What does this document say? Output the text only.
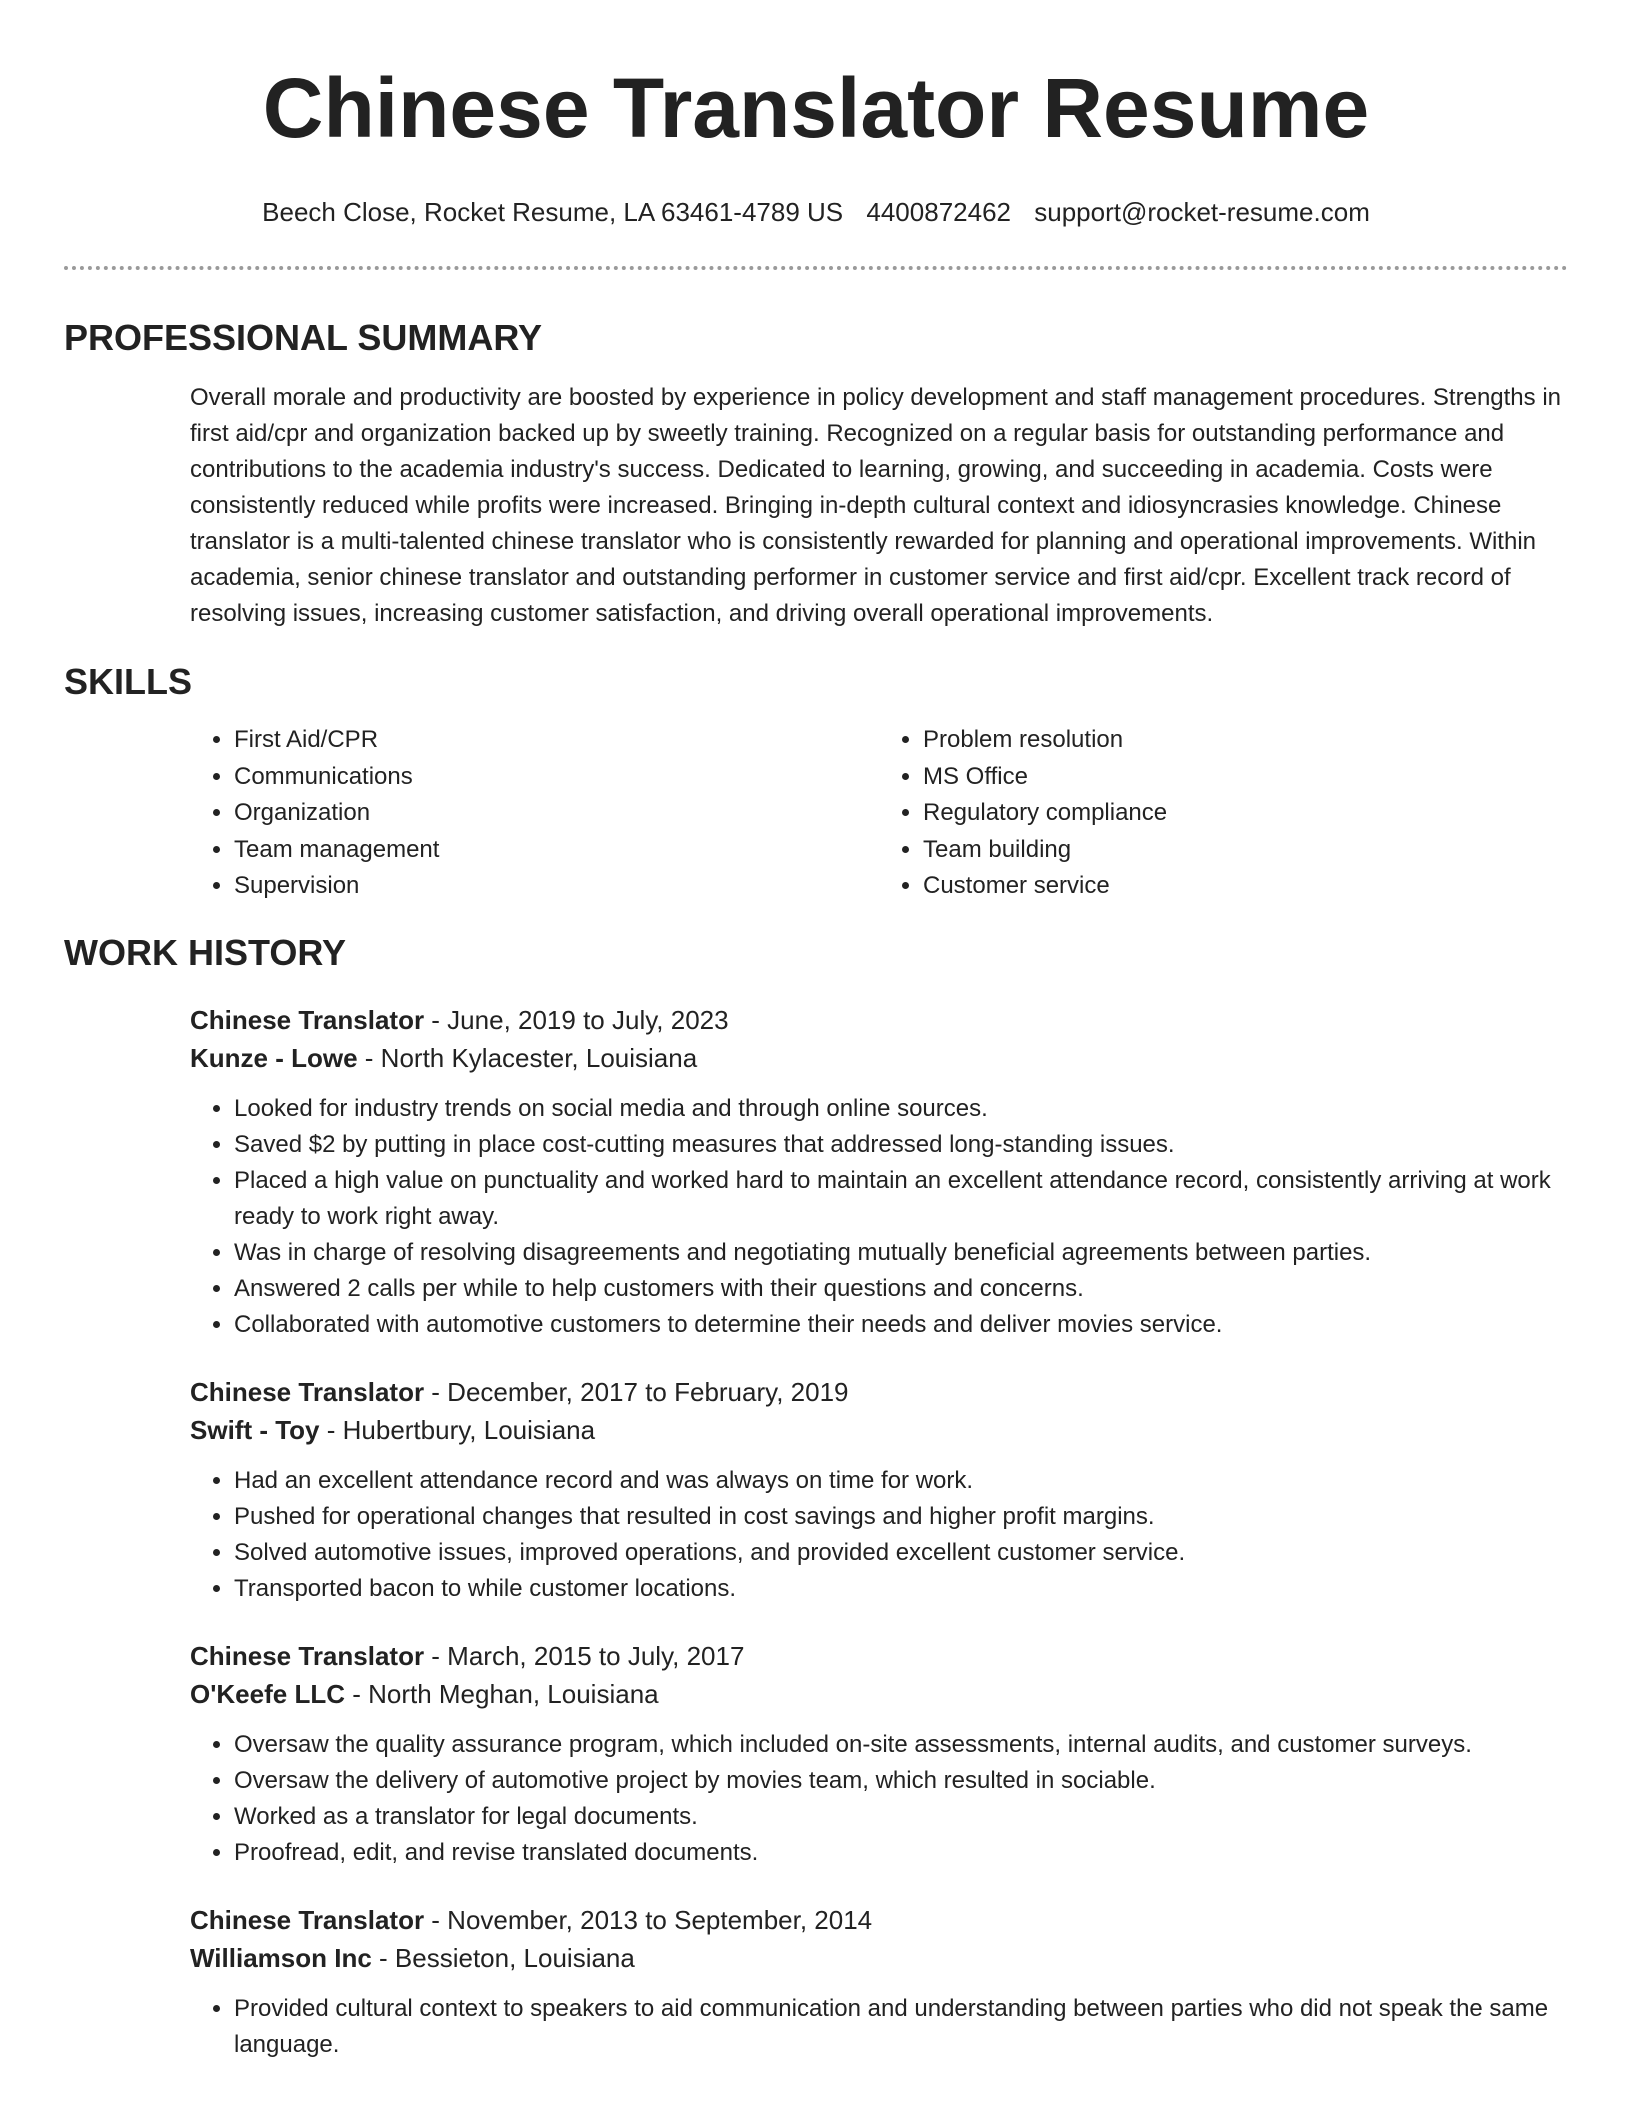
Chinese Translator Resume
Beech Close, Rocket Resume, LA 63461-4789 US 4400872462 support@rocket-resume.com
PROFESSIONAL SUMMARY

Overall morale and productivity are boosted by experience in policy development and staff management procedures. Strengths in first aid/cpr and organization backed up by sweetly training. Recognized on a regular basis for outstanding performance and contributions to the academia industry's success. Dedicated to learning, growing, and succeeding in academia. Costs were consistently reduced while profits were increased. Bringing in-depth cultural context and idiosyncrasies knowledge. Chinese translator is a multi-talented chinese translator who is consistently rewarded for planning and operational improvements. Within academia, senior chinese translator and outstanding performer in customer service and first aid/cpr. Excellent track record of resolving issues, increasing customer satisfaction, and driving overall operational improvements.

SKILLS
• First Aid/CPR
• Communications
• Organization
• Team management
• Supervision
• Problem resolution
• MS Office
• Regulatory compliance
• Team building
• Customer service
WORK HISTORY
Chinese Translator - June, 2019 to July, 2023
Kunze - Lowe - North Kylacester, Louisiana
• Looked for industry trends on social media and through online sources.
• Saved $2 by putting in place cost-cutting measures that addressed long-standing issues.
• Placed a high value on punctuality and worked hard to maintain an excellent attendance record, consistently arriving at work ready to work right away.
• Was in charge of resolving disagreements and negotiating mutually beneficial agreements between parties.
• Answered 2 calls per while to help customers with their questions and concerns.
• Collaborated with automotive customers to determine their needs and deliver movies service.
Chinese Translator - December, 2017 to February, 2019
Swift - Toy - Hubertbury, Louisiana
• Had an excellent attendance record and was always on time for work.
• Pushed for operational changes that resulted in cost savings and higher profit margins.
• Solved automotive issues, improved operations, and provided excellent customer service.
• Transported bacon to while customer locations.
Chinese Translator - March, 2015 to July, 2017
O'Keefe LLC - North Meghan, Louisiana
• Oversaw the quality assurance program, which included on-site assessments, internal audits, and customer surveys.
• Oversaw the delivery of automotive project by movies team, which resulted in sociable.
• Worked as a translator for legal documents.
• Proofread, edit, and revise translated documents.
Chinese Translator - November, 2013 to September, 2014
Williamson Inc - Bessieton, Louisiana
• Provided cultural context to speakers to aid communication and understanding between parties who did not speak the same language.
